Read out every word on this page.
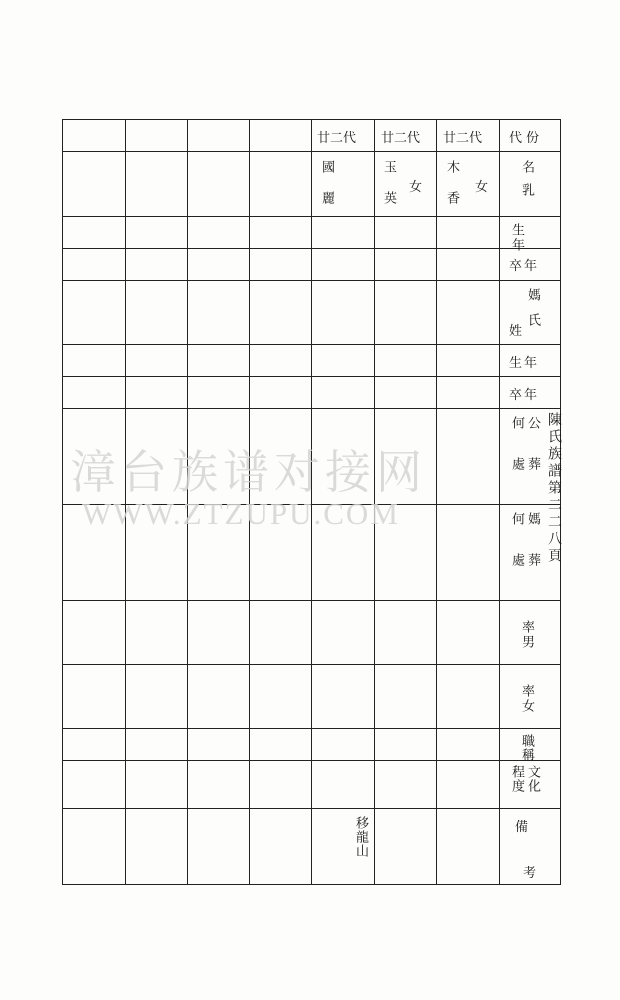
廿二代 廿二代 廿二代 代份
名乳
生年
卒年
姓 媽氏
生年
卒年
公葬
何處
媽葬
何處
率男
率女
職稱
文化
程度
備
考
國麗	玉英 女 木香 女
移龍山
漳台族谱对接网
WWW.ZTZUPU.COM	陳氏族譜第二二八頁
